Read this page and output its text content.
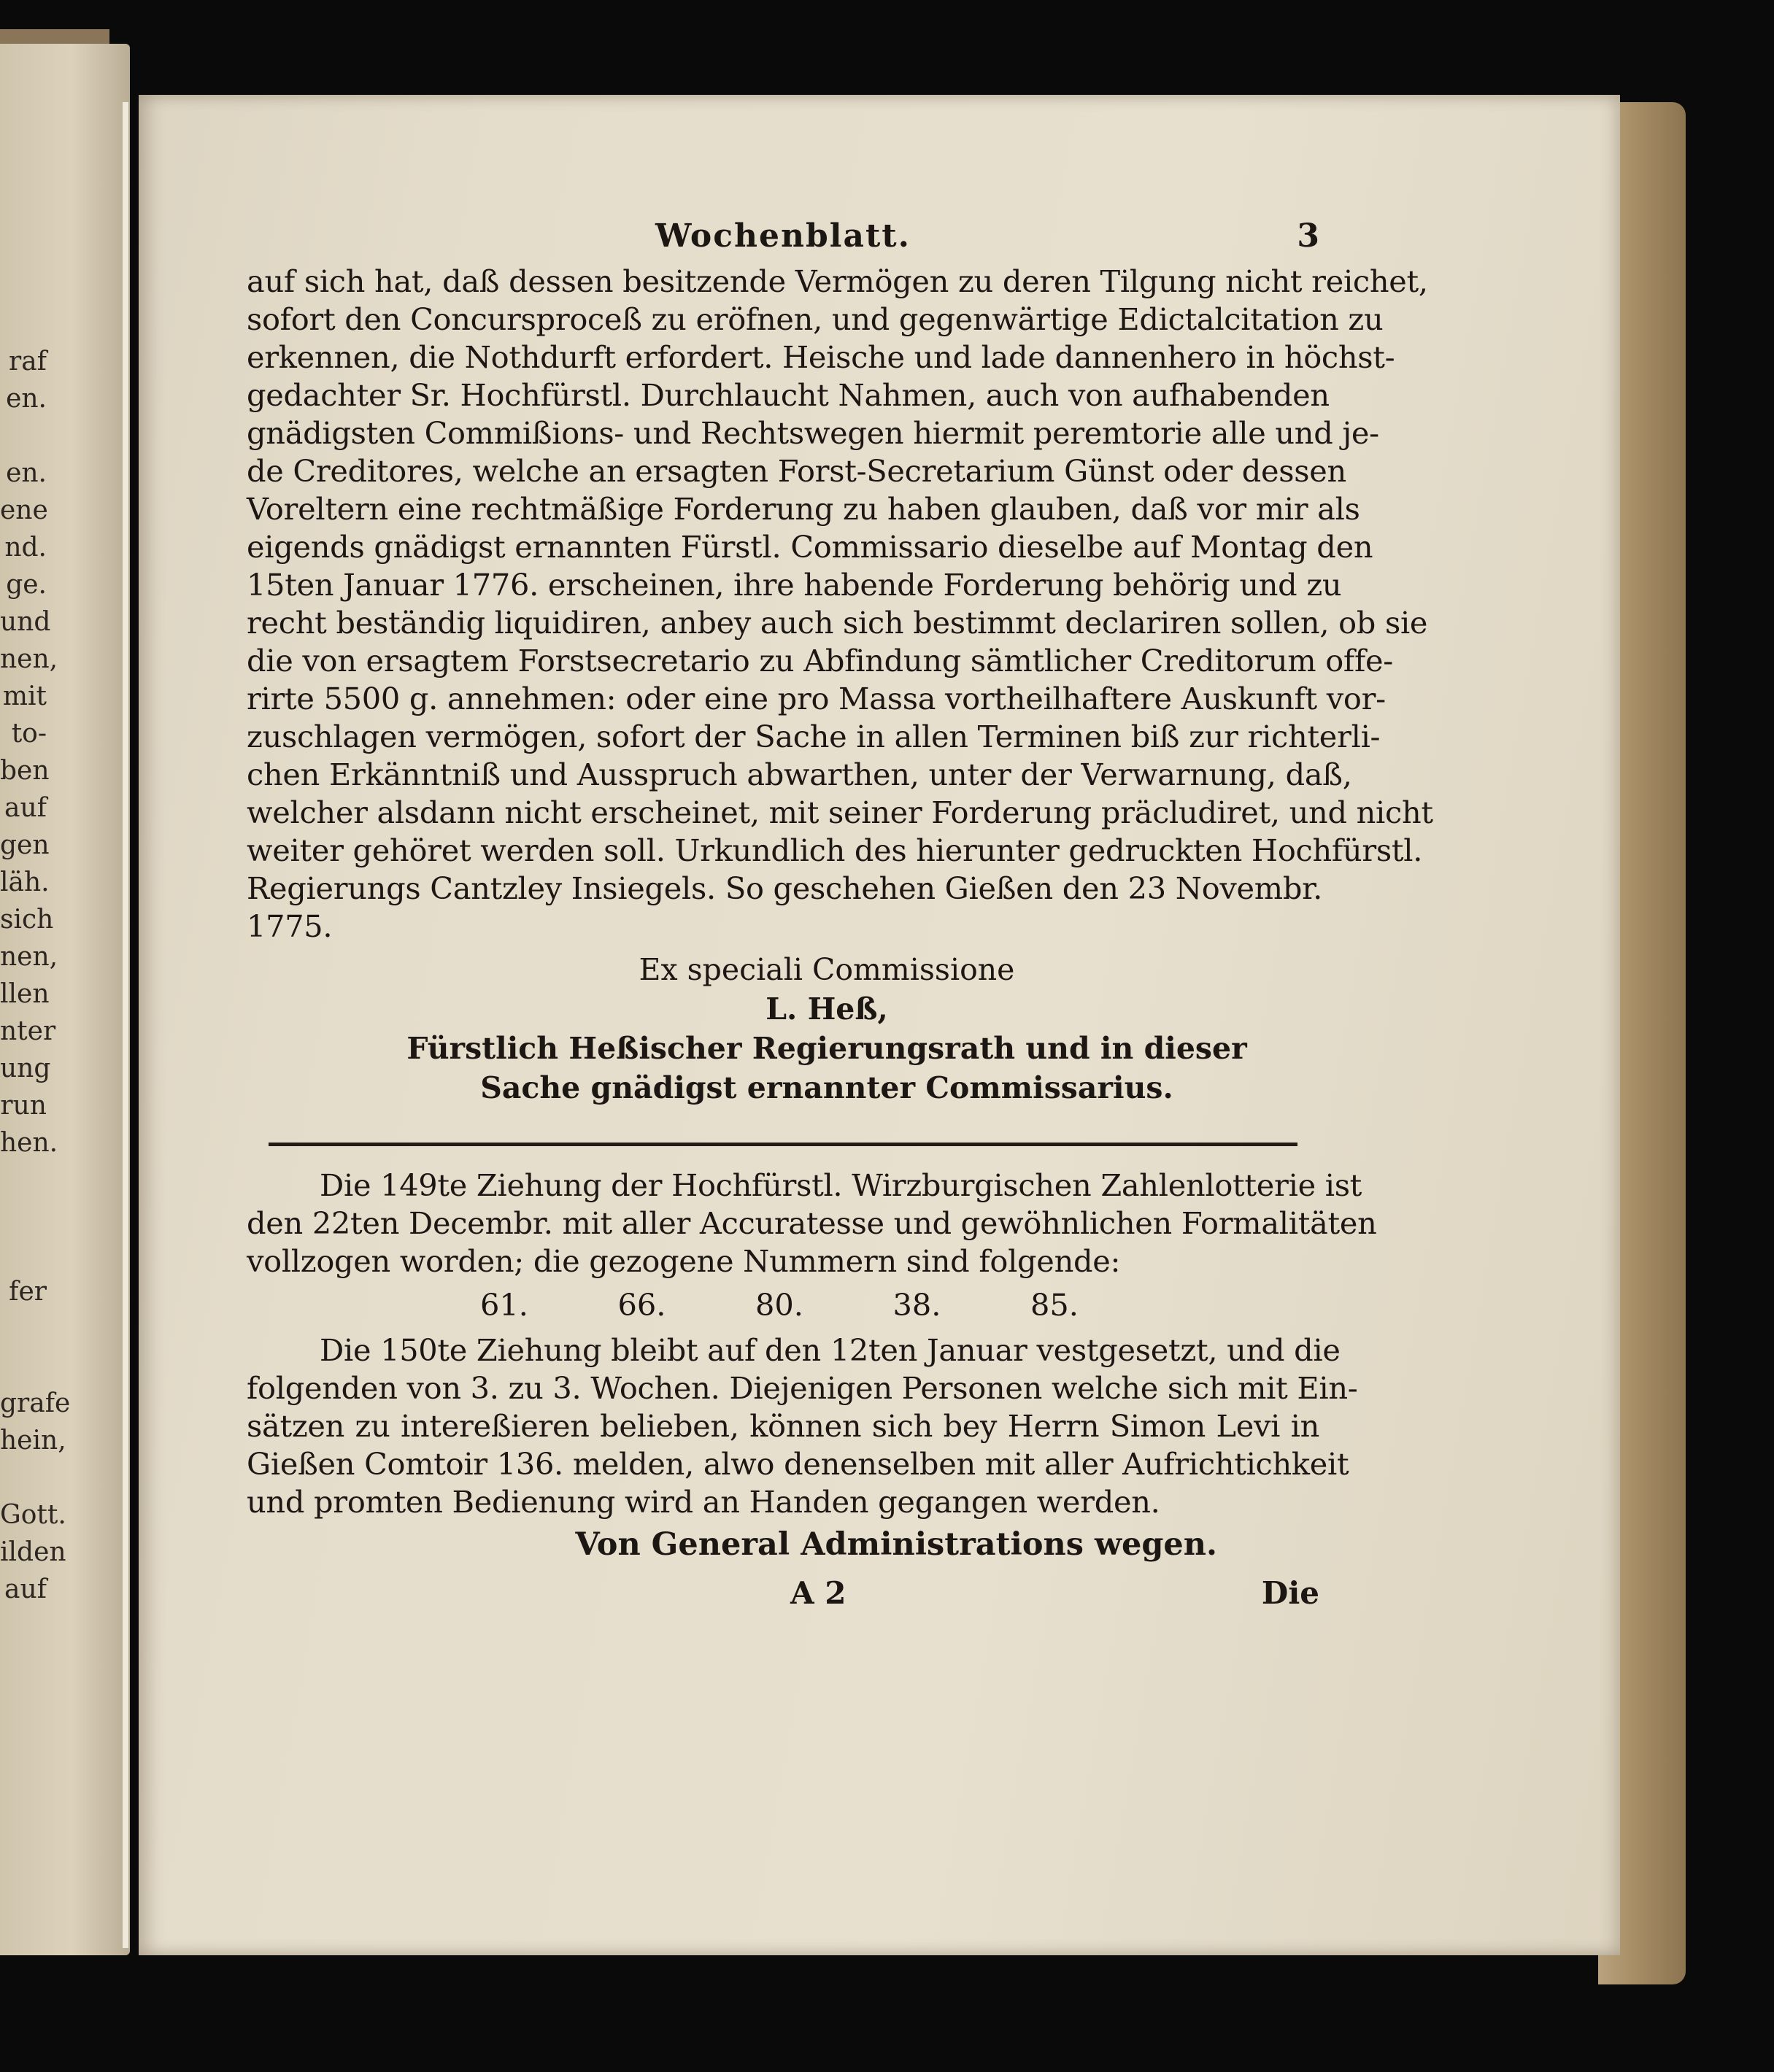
raf
en.

en.
ene
nd.
ge.
und
nen,
mit
to-
ben
auf
gen
läh.
sich
nen,
llen
nter
ung
run
hen.

fer

grafe
hein,

Gott.
ilden
auf
Wochenblatt.	3

auf sich hat, daß dessen besitzende Vermögen zu deren Tilgung nicht reichet,
sofort den Concursproceß zu eröfnen, und gegenwärtige Edictalcitation zu
erkennen, die Nothdurft erfordert. Heische und lade dannenhero in höchst-
gedachter Sr. Hochfürstl. Durchlaucht Nahmen, auch von aufhabenden
gnädigsten Commißions- und Rechtswegen hiermit peremtorie alle und je-
de Creditores, welche an ersagten Forst-Secretarium Günst oder dessen
Voreltern eine rechtmäßige Forderung zu haben glauben, daß vor mir als
eigends gnädigst ernannten Fürstl. Commissario dieselbe auf Montag den
15ten Januar 1776. erscheinen, ihre habende Forderung behörig und zu
recht beständig liquidiren, anbey auch sich bestimmt declariren sollen, ob sie
die von ersagtem Forstsecretario zu Abfindung sämtlicher Creditorum offe-
rirte 5500 g. annehmen: oder eine pro Massa vortheilhaftere Auskunft vor-
zuschlagen vermögen, sofort der Sache in allen Terminen biß zur richterli-
chen Erkänntniß und Ausspruch abwarthen, unter der Verwarnung, daß,
welcher alsdann nicht erscheinet, mit seiner Forderung präcludiret, und nicht
weiter gehöret werden soll. Urkundlich des hierunter gedruckten Hochfürstl.
Regierungs Cantzley Insiegels. So geschehen Gießen den 23 Novembr.
1775.

Ex speciali Commissione
L. Heß,
Fürstlich Heßischer Regierungsrath und in dieser
Sache gnädigst ernannter Commissarius.
Die 149te Ziehung der Hochfürstl. Wirzburgischen Zahlenlotterie ist
den 22ten Decembr. mit aller Accuratesse und gewöhnlichen Formalitäten
vollzogen worden; die gezogene Nummern sind folgende:
61.	66.	80.	38.	85.
Die 150te Ziehung bleibt auf den 12ten Januar vestgesetzt, und die
folgenden von 3. zu 3. Wochen. Diejenigen Personen welche sich mit Ein-
sätzen zu intereßieren belieben, können sich bey Herrn Simon Levi in
Gießen Comtoir 136. melden, alwo denenselben mit aller Aufrichtichkeit
und promten Bedienung wird an Handen gegangen werden.
Von General Administrations wegen.
A 2	Die
